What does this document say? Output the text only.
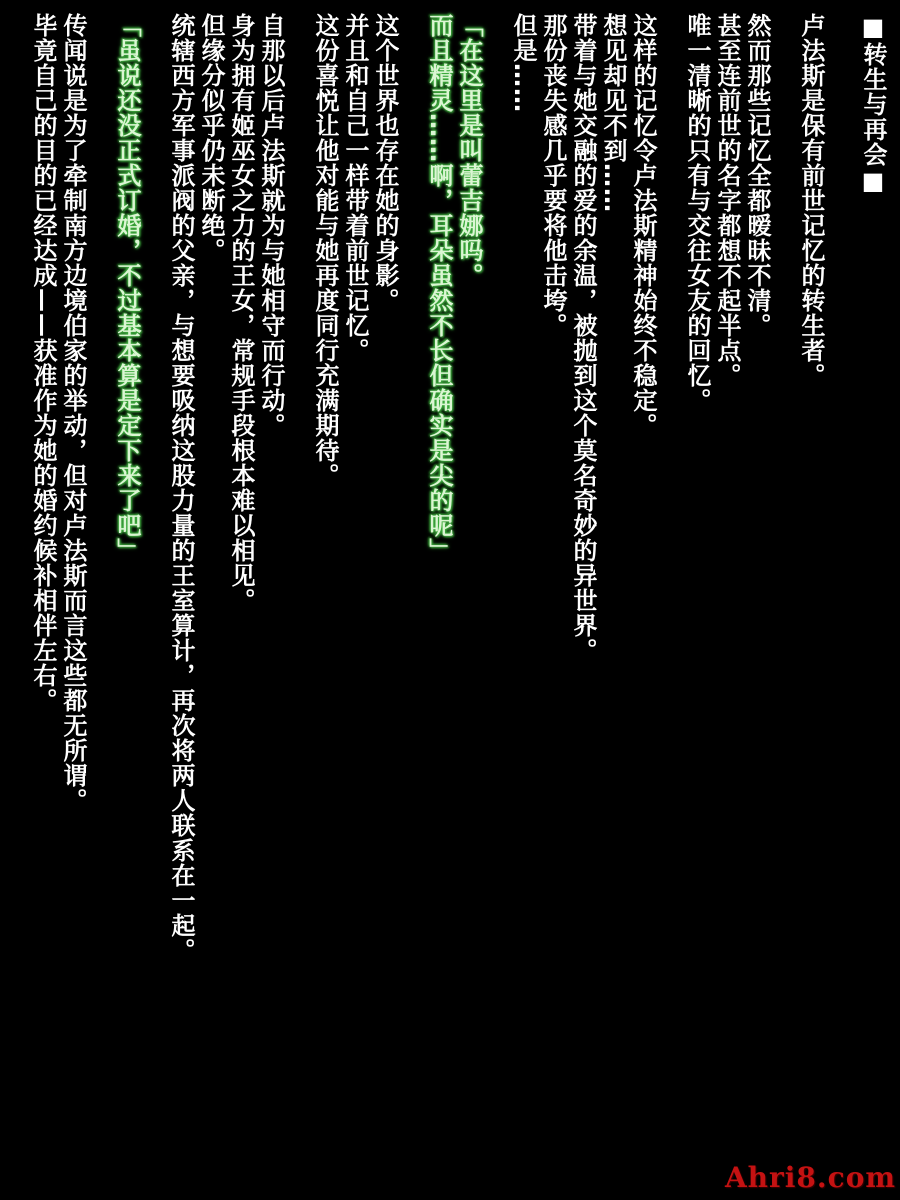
■转生与再会■
卢法斯是保有前世记忆的转生者。
然而那些记忆全都暧昧不清。
甚至连前世的名字都想不起半点。
唯一清晰的只有与交往女友的回忆。
这样的记忆令卢法斯精神始终不稳定。
想见却见不到……
带着与她交融的爱的余温，被抛到这个莫名奇妙的异世界。
那份丧失感几乎要将他击垮。
但是……
「在这里是叫蕾吉娜吗。
而且精灵……啊，耳朵虽然不长但确实是尖的呢」
这个世界也存在她的身影。
并且和自己一样带着前世记忆。
这份喜悦让他对能与她再度同行充满期待。
自那以后卢法斯就为与她相守而行动。
身为拥有姬巫女之力的王女，常规手段根本难以相见。
但缘分似乎仍未断绝。
统辖西方军事派阀的父亲，与想要吸纳这股力量的王室算计，再次将两人联系在一起。
「虽说还没正式订婚，不过基本算是定下来了吧」
传闻说是为了牵制南方边境伯家的举动，但对卢法斯而言这些都无所谓。
毕竟自己的目的已经达成——获准作为她的婚约候补相伴左右。
Ahri8.com
